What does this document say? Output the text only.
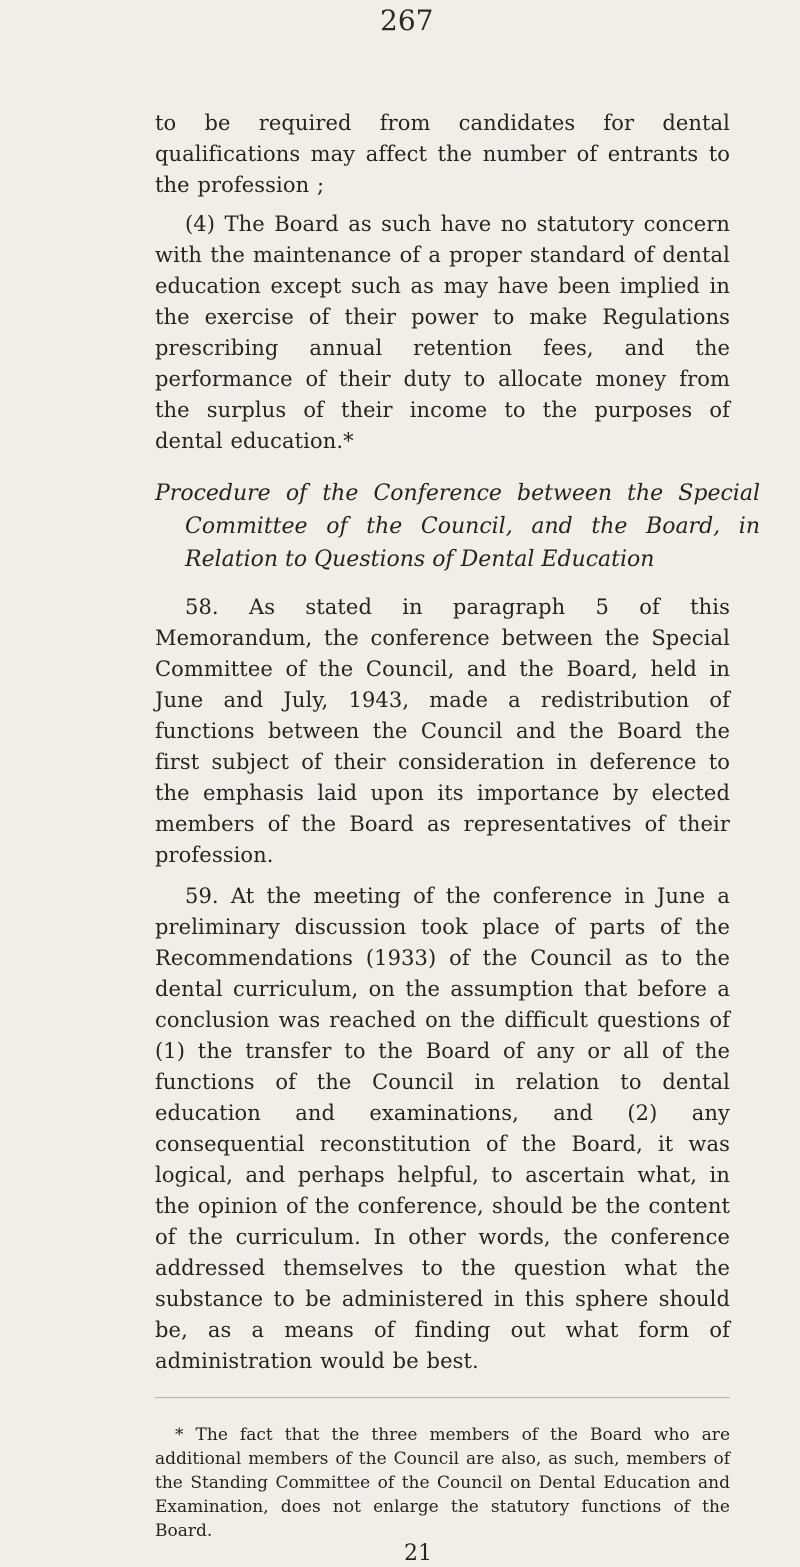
267

to be required from candidates for dental qualifications may affect the number of entrants to the profession ;

(4) The Board as such have no statutory concern with the maintenance of a proper standard of dental education except such as may have been implied in the exercise of their power to make Regulations prescribing annual retention fees, and the performance of their duty to allocate money from the surplus of their income to the purposes of dental education.*

Procedure of the Conference between the Special Committee of the Council, and the Board, in Relation to Questions of Dental Education

58. As stated in paragraph 5 of this Memorandum, the conference between the Special Committee of the Council, and the Board, held in June and July, 1943, made a redistribution of functions between the Council and the Board the first subject of their consideration in deference to the emphasis laid upon its importance by elected members of the Board as representatives of their profession.

59. At the meeting of the conference in June a preliminary discussion took place of parts of the Recommendations (1933) of the Council as to the dental curriculum, on the assumption that before a conclusion was reached on the difficult questions of (1) the transfer to the Board of any or all of the functions of the Council in relation to dental education and examinations, and (2) any consequential reconstitution of the Board, it was logical, and perhaps helpful, to ascertain what, in the opinion of the conference, should be the content of the curriculum. In other words, the conference addressed themselves to the question what the substance to be administered in this sphere should be, as a means of finding out what form of administration would be best.

* The fact that the three members of the Board who are additional members of the Council are also, as such, members of the Standing Committee of the Council on Dental Education and Examination, does not enlarge the statutory functions of the Board.

21
